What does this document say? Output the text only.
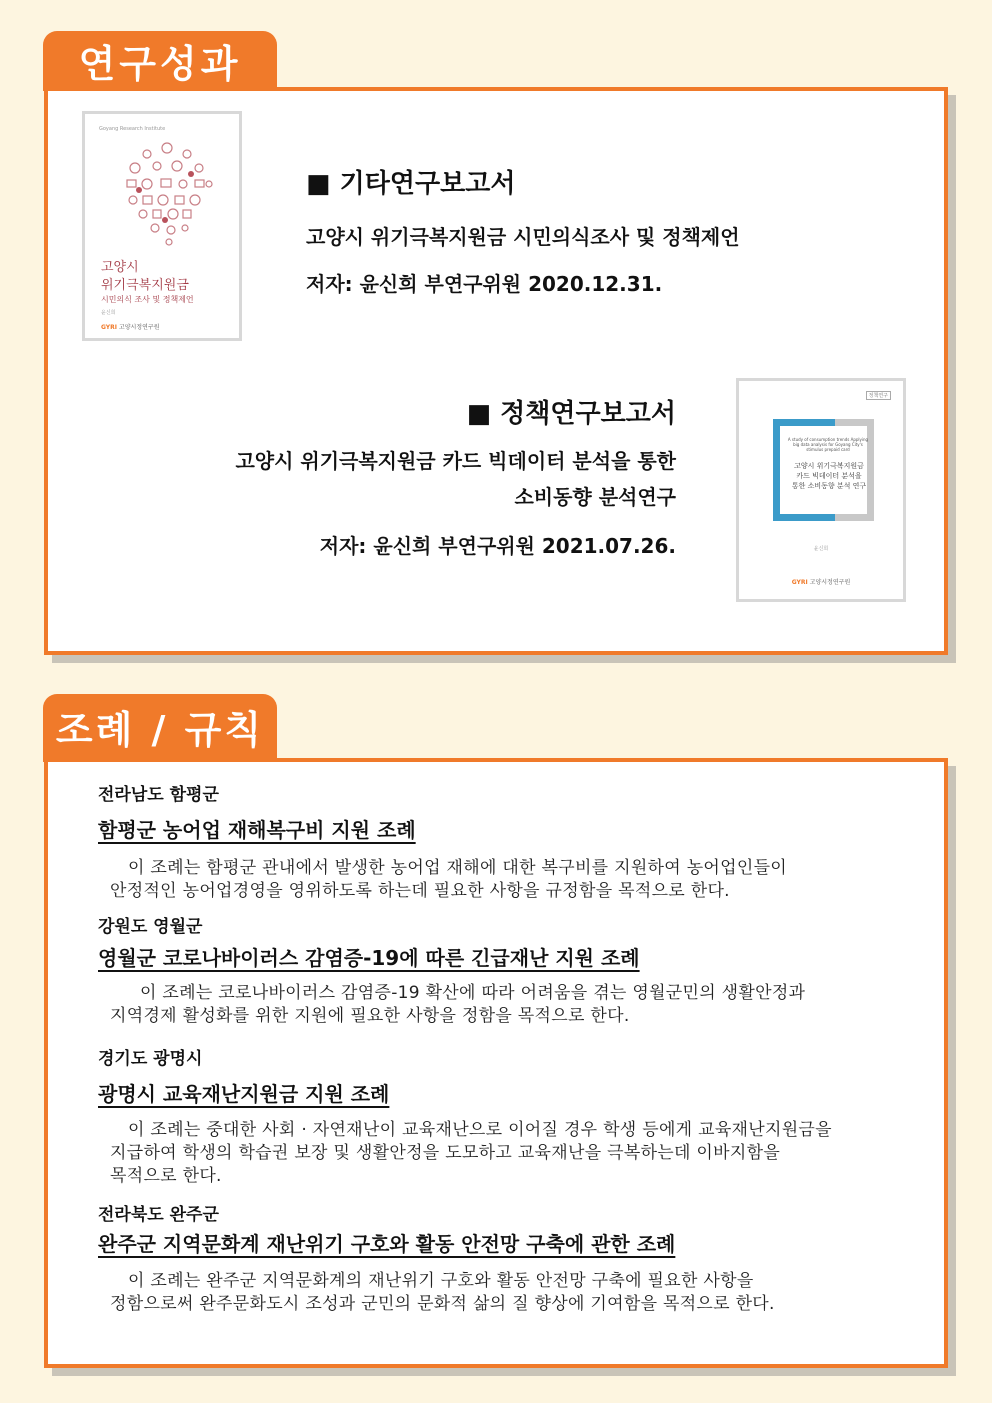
연구성과
Goyang Research Institute
고양시
위기극복지원금
시민의식 조사 및 정책제언
윤신희
GYRI 고양시정연구원
■ 기타연구보고서
고양시 위기극복지원금 시민의식조사 및 정책제언
저자: 윤신희 부연구위원 2020.12.31.
■ 정책연구보고서
고양시 위기극복지원금 카드 빅데이터 분석을 통한
소비동향 분석연구
저자: 윤신희 부연구위원 2021.07.26.
정책연구
A study of consumption trends Applying big data analysis for Goyang City's stimulus prepaid card
고양시 위기극복지원금
카드 빅데이터 분석을
통한 소비동향 분석 연구
윤신희
GYRI 고양시정연구원
조례 / 규칙
전라남도 함평군
함평군 농어업 재해복구비 지원 조례
이 조례는 함평군 관내에서 발생한 농어업 재해에 대한 복구비를 지원하여 농어업인들이
안정적인 농어업경영을 영위하도록 하는데 필요한 사항을 규정함을 목적으로 한다.
강원도 영월군
영월군 코로나바이러스 감염증-19에 따른 긴급재난 지원 조례
이 조례는 코로나바이러스 감염증-19 확산에 따라 어려움을 겪는 영월군민의 생활안정과
지역경제 활성화를 위한 지원에 필요한 사항을 정함을 목적으로 한다.
경기도 광명시
광명시 교육재난지원금 지원 조례
이 조례는 중대한 사회 · 자연재난이 교육재난으로 이어질 경우 학생 등에게 교육재난지원금을
지급하여 학생의 학습권 보장 및 생활안정을 도모하고 교육재난을 극복하는데 이바지함을
목적으로 한다.
전라북도 완주군
완주군 지역문화계 재난위기 구호와 활동 안전망 구축에 관한 조례
이 조례는 완주군 지역문화계의 재난위기 구호와 활동 안전망 구축에 필요한 사항을
정함으로써 완주문화도시 조성과 군민의 문화적 삶의 질 향상에 기여함을 목적으로 한다.
